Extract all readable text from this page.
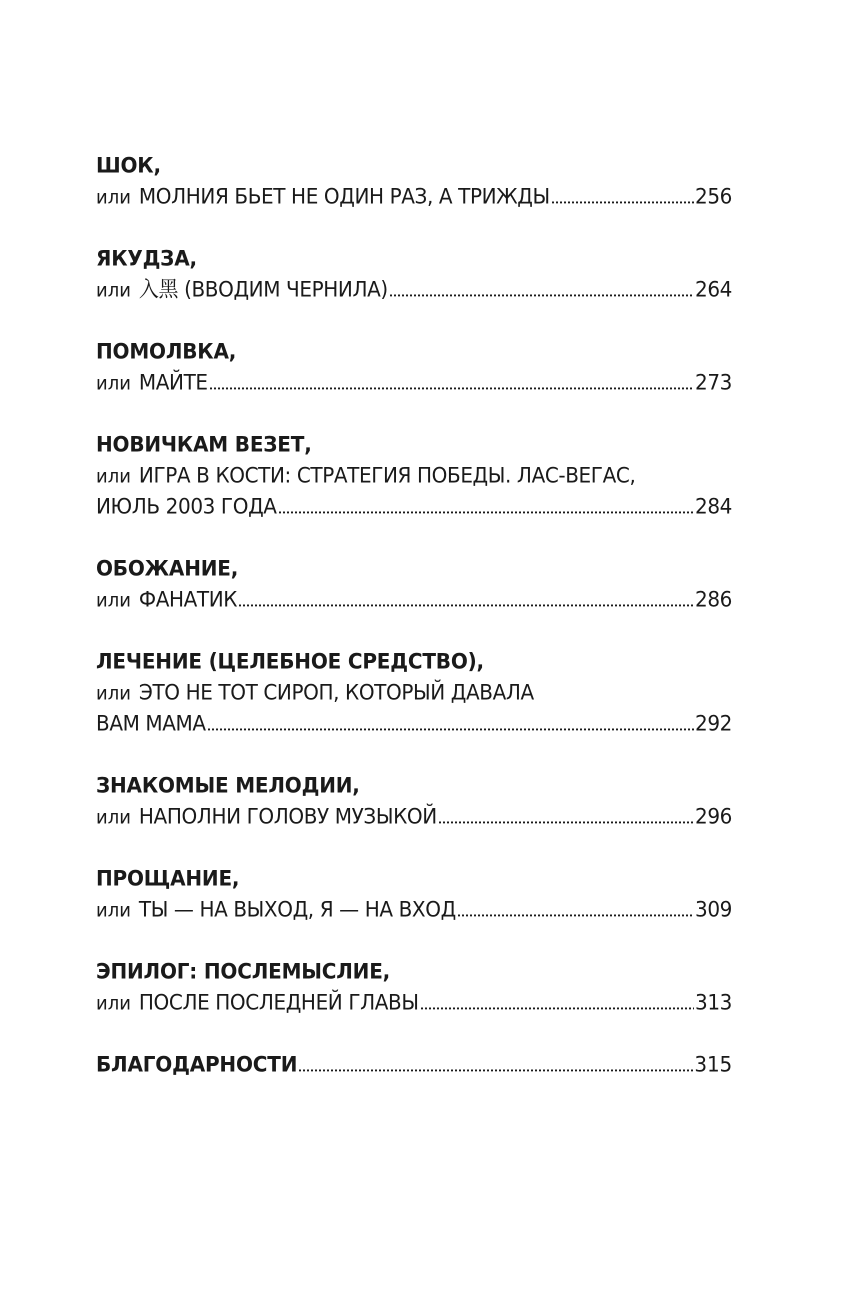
ШОК,
или МОЛНИЯ БЬЕТ НЕ ОДИН РАЗ, А ТРИЖДЫ	256
ЯКУДЗА,
или 入黑 (ВВОДИМ ЧЕРНИЛА)	264
ПОМОЛВКА,
или МАЙТЕ	273
НОВИЧКАМ ВЕЗЕТ,
или ИГРА В КОСТИ: СТРАТЕГИЯ ПОБЕДЫ. ЛАС-ВЕГАС,
ИЮЛЬ 2003 ГОДА	284
ОБОЖАНИЕ,
или ФАНАТИК	286
ЛЕЧЕНИЕ (ЦЕЛЕБНОЕ СРЕДСТВО),
или ЭТО НЕ ТОТ СИРОП, КОТОРЫЙ ДАВАЛА
ВАМ МАМА	292
ЗНАКОМЫЕ МЕЛОДИИ,
или НАПОЛНИ ГОЛОВУ МУЗЫКОЙ	296
ПРОЩАНИЕ,
или ТЫ — НА ВЫХОД, Я — НА ВХОД	309
ЭПИЛОГ: ПОСЛЕМЫСЛИЕ,
или ПОСЛЕ ПОСЛЕДНЕЙ ГЛАВЫ	313
БЛАГОДАРНОСТИ	315
